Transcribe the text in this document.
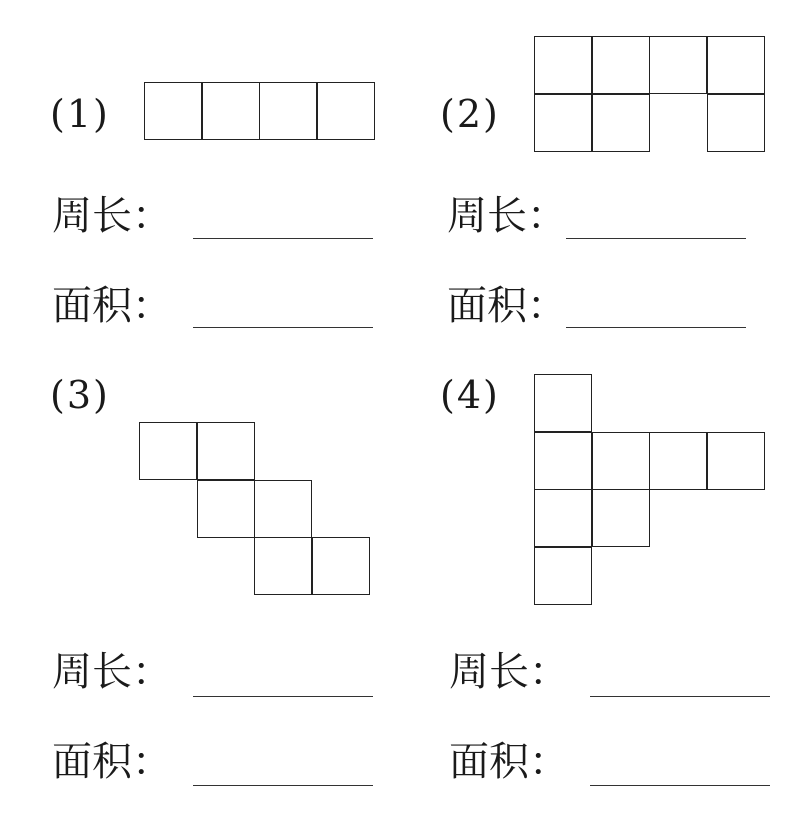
(1)
周长：
面积：
(2)
周长：
面积：
(3)
周长：
面积：
(4)
周长：
面积：
